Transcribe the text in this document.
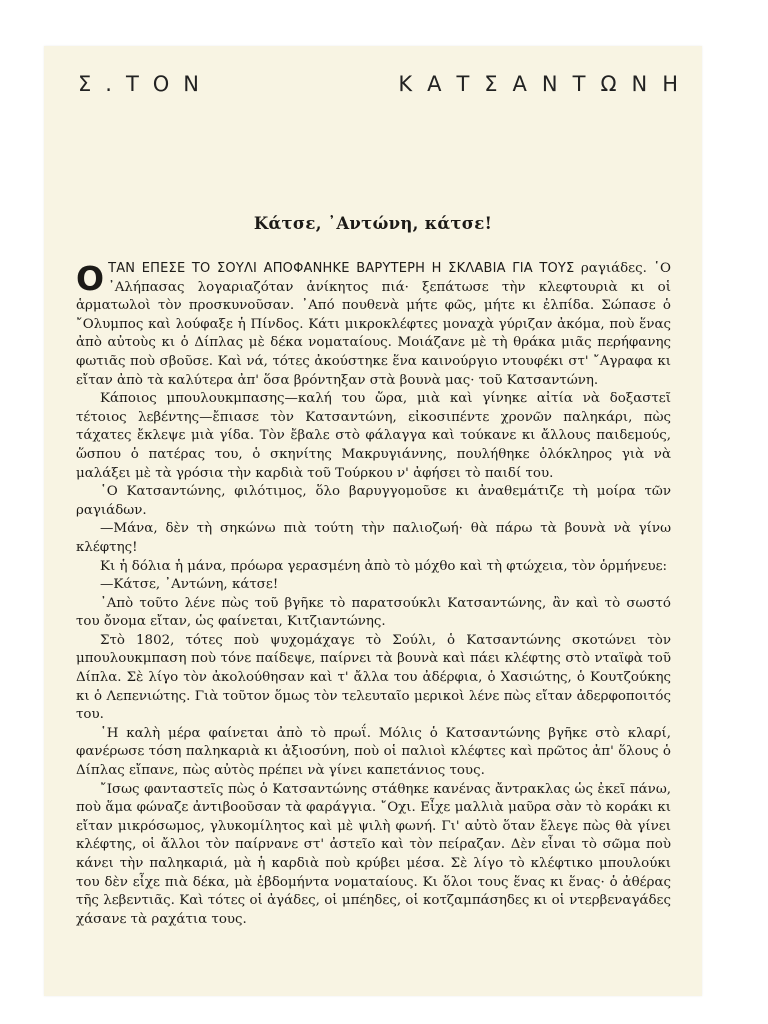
Σ.ΤΟΝ	ΚΑΤΣΑΝΤΩΝΗ
Κάτσε, ᾿Αντώνη, κάτσε!

ΟΤΑΝ ΕΠΕΣΕ ΤΟ ΣΟΥΛΙ ΑΠΟΦΑΝΗΚΕ ΒΑΡΥΤΕΡΗ Η ΣΚΛΑΒΙΑ ΓΙΑ ΤΟΥΣ ραγιάδες. ῾Ο ᾿Αλήπασας λογαριαζόταν ἀνίκητος πιά· ξεπάτωσε τὴν κλεφτουριὰ κι οἱ ἁρματωλοὶ τὸν προσκυνοῦσαν. ᾿Από πουθενὰ μήτε φῶς, μήτε κι ἐλπίδα. Σώπασε ὁ ῎Ολυμπος καὶ λούφαξε ἡ Πίνδος. Κάτι μικροκλέφτες μοναχὰ γύριζαν ἀκόμα, ποὺ ἕνας ἀπὸ αὐτοὺς κι ὁ Δίπλας μὲ δέκα νοματαίους. Μοιάζανε μὲ τὴ θράκα μιᾶς περήφανης φωτιᾶς ποὺ σβοῦσε. Καὶ νά, τότες ἀκούστηκε ἕνα καινούργιο ντουφέκι στ' ῎Αγραφα κι εἴταν ἀπὸ τὰ καλύτερα ἀπ' ὅσα βρόντηξαν στὰ βουνὰ μας· τοῦ Κατσαντώνη.

Κάποιος μπουλουκμπασης—καλή του ὥρα, μιὰ καὶ γίνηκε αἰτία νὰ δοξαστεῖ τέτοιος λεβέντης—ἔπιασε τὸν Κατσαντώνη, εἰκοσιπέντε χρονῶν παληκάρι, πὼς τάχατες ἔκλεψε μιὰ γίδα. Τὸν ἔβαλε στὸ φάλαγγα καὶ τούκανε κι ἄλλους παιδεμούς, ὥσπου ὁ πατέρας του, ὁ σκηνίτης Μακρυγιάννης, πουλήθηκε ὁλόκληρος γιὰ νὰ μαλάξει μὲ τὰ γρόσια τὴν καρδιὰ τοῦ Τούρκου ν' ἀφήσει τὸ παιδί του.

῾Ο Κατσαντώνης, φιλότιμος, ὅλο βαρυγγομοῦσε κι ἀναθεμάτιζε τὴ μοίρα τῶν ραγιάδων.

—Μάνα, δὲν τὴ σηκώνω πιὰ τούτη τὴν παλιοζωή· θὰ πάρω τὰ βουνὰ νὰ γίνω κλέφτης!

Κι ἡ δόλια ἡ μάνα, πρόωρα γερασμένη ἀπὸ τὸ μόχθο καὶ τὴ φτώχεια, τὸν ὁρμήνευε:

—Κάτσε, ᾿Αντώνη, κάτσε!

᾿Απὸ τοῦτο λένε πὼς τοῦ βγῆκε τὸ παρατσούκλι Κατσαντώνης, ἂν καὶ τὸ σωστό του ὄνομα εἴταν, ὡς φαίνεται, Κιτζιαντώνης.

Στὸ 1802, τότες ποὺ ψυχομάχαγε τὸ Σούλι, ὁ Κατσαντώνης σκοτώνει τὸν μπουλουκμπαση ποὺ τόνε παίδεψε, παίρνει τὰ βουνὰ καὶ πάει κλέφτης στὸ νταϊφὰ τοῦ Δίπλα. Σὲ λίγο τὸν ἀκολούθησαν καὶ τ' ἄλλα του ἀδέρφια, ὁ Χασιώτης, ὁ Κουτζούκης κι ὁ Λεπενιώτης. Γιὰ τοῦτον ὅμως τὸν τελευταῖο μερικοὶ λένε πὼς εἴταν ἀδερφοποιτός του.

῾Η καλὴ μέρα φαίνεται ἀπὸ τὸ πρωΐ. Μόλις ὁ Κατσαντώνης βγῆκε στὸ κλαρί, φανέρωσε τόση παληκαριὰ κι ἀξιοσύνη, ποὺ οἱ παλιοὶ κλέφτες καὶ πρῶτος ἀπ' ὅλους ὁ Δίπλας εἴπανε, πὼς αὐτὸς πρέπει νὰ γίνει καπετάνιος τους.

῎Ισως φανταστεῖς πὼς ὁ Κατσαντώνης στάθηκε κανένας ἄντρακλας ὡς ἐκεῖ πάνω, ποὺ ἅμα φώναζε ἀντιβοοῦσαν τὰ φαράγγια. ῎Οχι. Εἶχε μαλλιὰ μαῦρα σὰν τὸ κοράκι κι εἴταν μικρόσωμος, γλυκομίλητος καὶ μὲ ψιλὴ φωνή. Γι' αὐτὸ ὅταν ἔλεγε πὼς θὰ γίνει κλέφτης, οἱ ἄλλοι τὸν παίρνανε στ' ἀστεῖο καὶ τὸν πείραζαν. Δὲν εἶναι τὸ σῶμα ποὺ κάνει τὴν παληκαριά, μὰ ἡ καρδιὰ ποὺ κρύβει μέσα. Σὲ λίγο τὸ κλέφτικο μπουλούκι του δὲν εἶχε πιὰ δέκα, μὰ ἑβδομήντα νοματαίους. Κι ὅλοι τους ἕνας κι ἕνας· ὁ ἀθέρας τῆς λεβεντιᾶς. Καὶ τότες οἱ ἀγάδες, οἱ μπέηδες, οἱ κοτζαμπάσηδες κι οἱ ντερβεναγάδες χάσανε τὰ ραχάτια τους.
